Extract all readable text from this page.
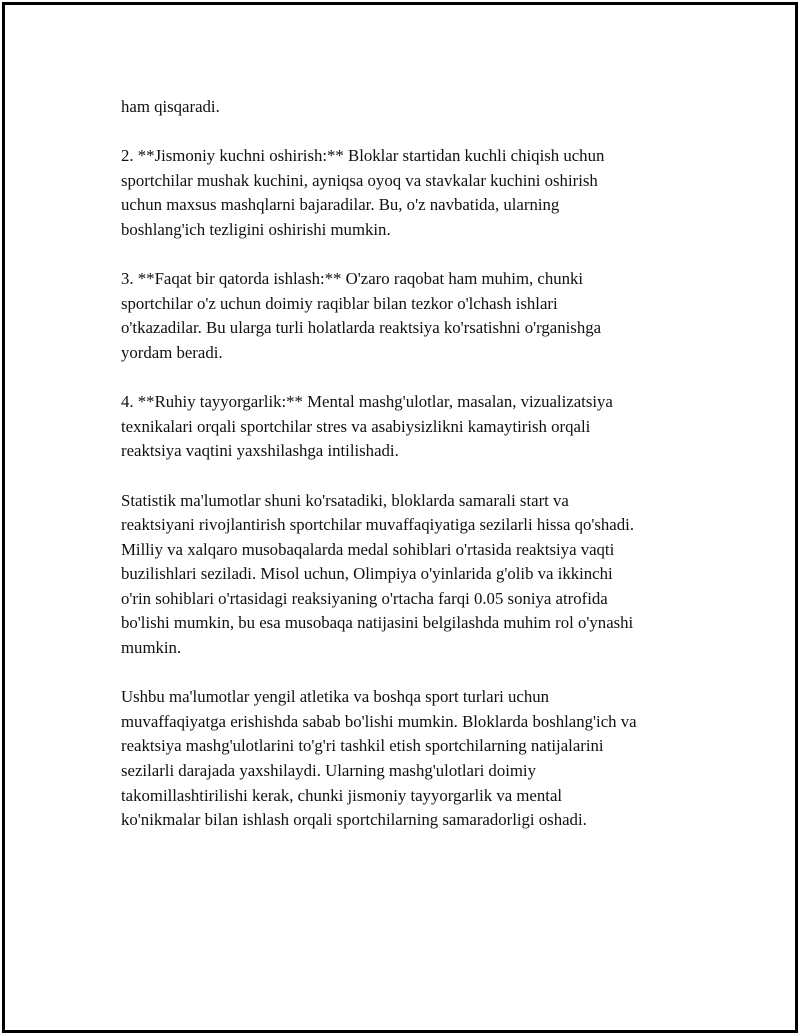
ham qisqaradi.

2. **Jismoniy kuchni oshirish:** Bloklar startidan kuchli chiqish uchun
sportchilar mushak kuchini, ayniqsa oyoq va stavkalar kuchini oshirish
uchun maxsus mashqlarni bajaradilar. Bu, o'z navbatida, ularning
boshlang'ich tezligini oshirishi mumkin.

3. **Faqat bir qatorda ishlash:** O'zaro raqobat ham muhim, chunki
sportchilar o'z uchun doimiy raqiblar bilan tezkor o'lchash ishlari
o'tkazadilar. Bu ularga turli holatlarda reaktsiya ko'rsatishni o'rganishga
yordam beradi.

4. **Ruhiy tayyorgarlik:** Mental mashg'ulotlar, masalan, vizualizatsiya
texnikalari orqali sportchilar stres va asabiysizlikni kamaytirish orqali
reaktsiya vaqtini yaxshilashga intilishadi.

Statistik ma'lumotlar shuni ko'rsatadiki, bloklarda samarali start va
reaktsiyani rivojlantirish sportchilar muvaffaqiyatiga sezilarli hissa qo'shadi.
Milliy va xalqaro musobaqalarda medal sohiblari o'rtasida reaktsiya vaqti
buzilishlari seziladi. Misol uchun, Olimpiya o'yinlarida g'olib va ikkinchi
o'rin sohiblari o'rtasidagi reaksiyaning o'rtacha farqi 0.05 soniya atrofida
bo'lishi mumkin, bu esa musobaqa natijasini belgilashda muhim rol o'ynashi
mumkin.

Ushbu ma'lumotlar yengil atletika va boshqa sport turlari uchun
muvaffaqiyatga erishishda sabab bo'lishi mumkin. Bloklarda boshlang'ich va
reaktsiya mashg'ulotlarini to'g'ri tashkil etish sportchilarning natijalarini
sezilarli darajada yaxshilaydi. Ularning mashg'ulotlari doimiy
takomillashtirilishi kerak, chunki jismoniy tayyorgarlik va mental
ko'nikmalar bilan ishlash orqali sportchilarning samaradorligi oshadi.
